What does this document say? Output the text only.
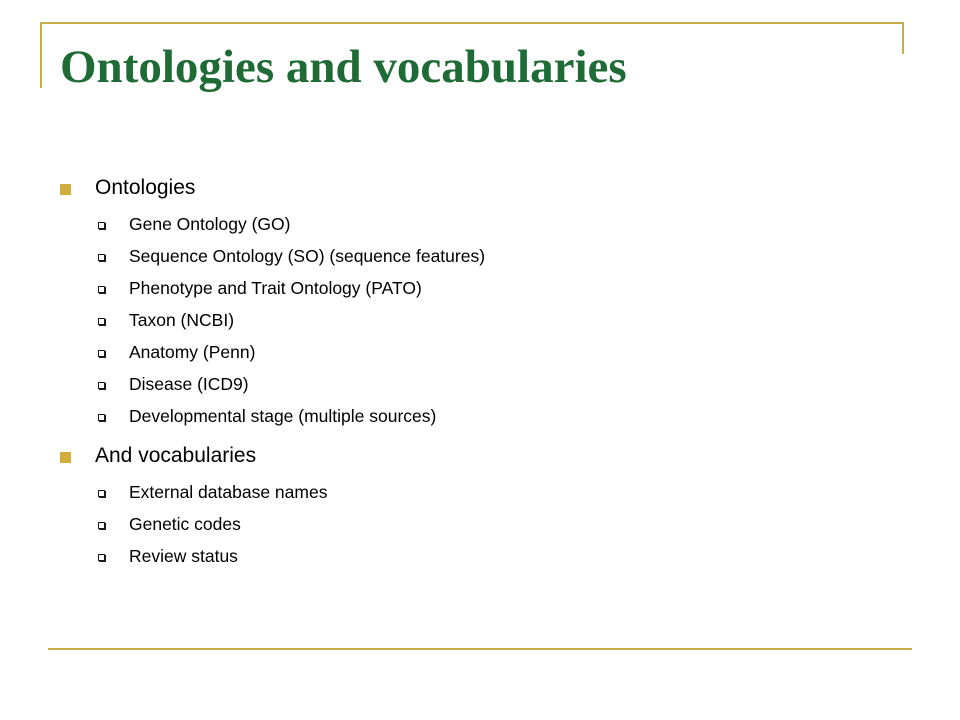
Ontologies and vocabularies
Ontologies
Gene Ontology (GO)
Sequence Ontology (SO) (sequence features)
Phenotype and Trait Ontology (PATO)
Taxon (NCBI)
Anatomy (Penn)
Disease (ICD9)
Developmental stage (multiple sources)
And vocabularies
External database names
Genetic codes
Review status
